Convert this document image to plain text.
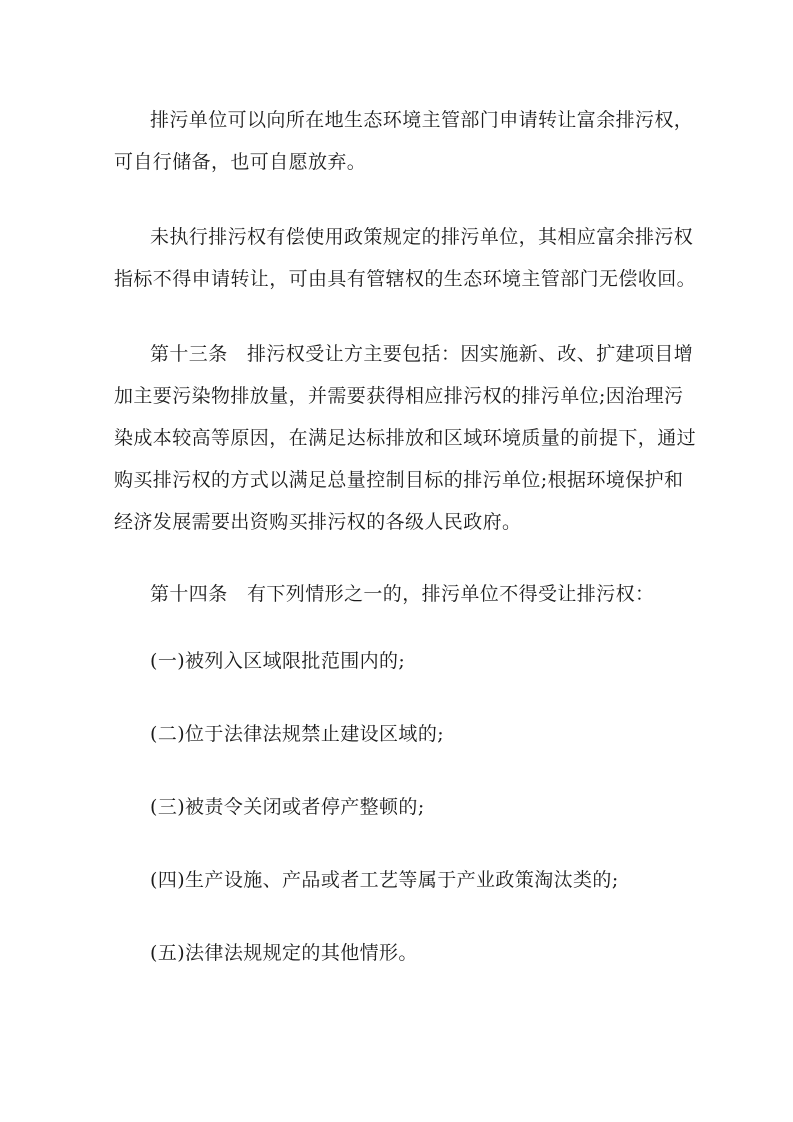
排污单位可以向所在地生态环境主管部门申请转让富余排污权，
可自行储备，也可自愿放弃。

未执行排污权有偿使用政策规定的排污单位，其相应富余排污权
指标不得申请转让，可由具有管辖权的生态环境主管部门无偿收回。

第十三条　排污权受让方主要包括：因实施新、改、扩建项目增
加主要污染物排放量，并需要获得相应排污权的排污单位;因治理污
染成本较高等原因，在满足达标排放和区域环境质量的前提下，通过
购买排污权的方式以满足总量控制目标的排污单位;根据环境保护和
经济发展需要出资购买排污权的各级人民政府。

第十四条　有下列情形之一的，排污单位不得受让排污权：

(一)被列入区域限批范围内的;

(二)位于法律法规禁止建设区域的;

(三)被责令关闭或者停产整顿的;

(四)生产设施、产品或者工艺等属于产业政策淘汰类的;

(五)法律法规规定的其他情形。
